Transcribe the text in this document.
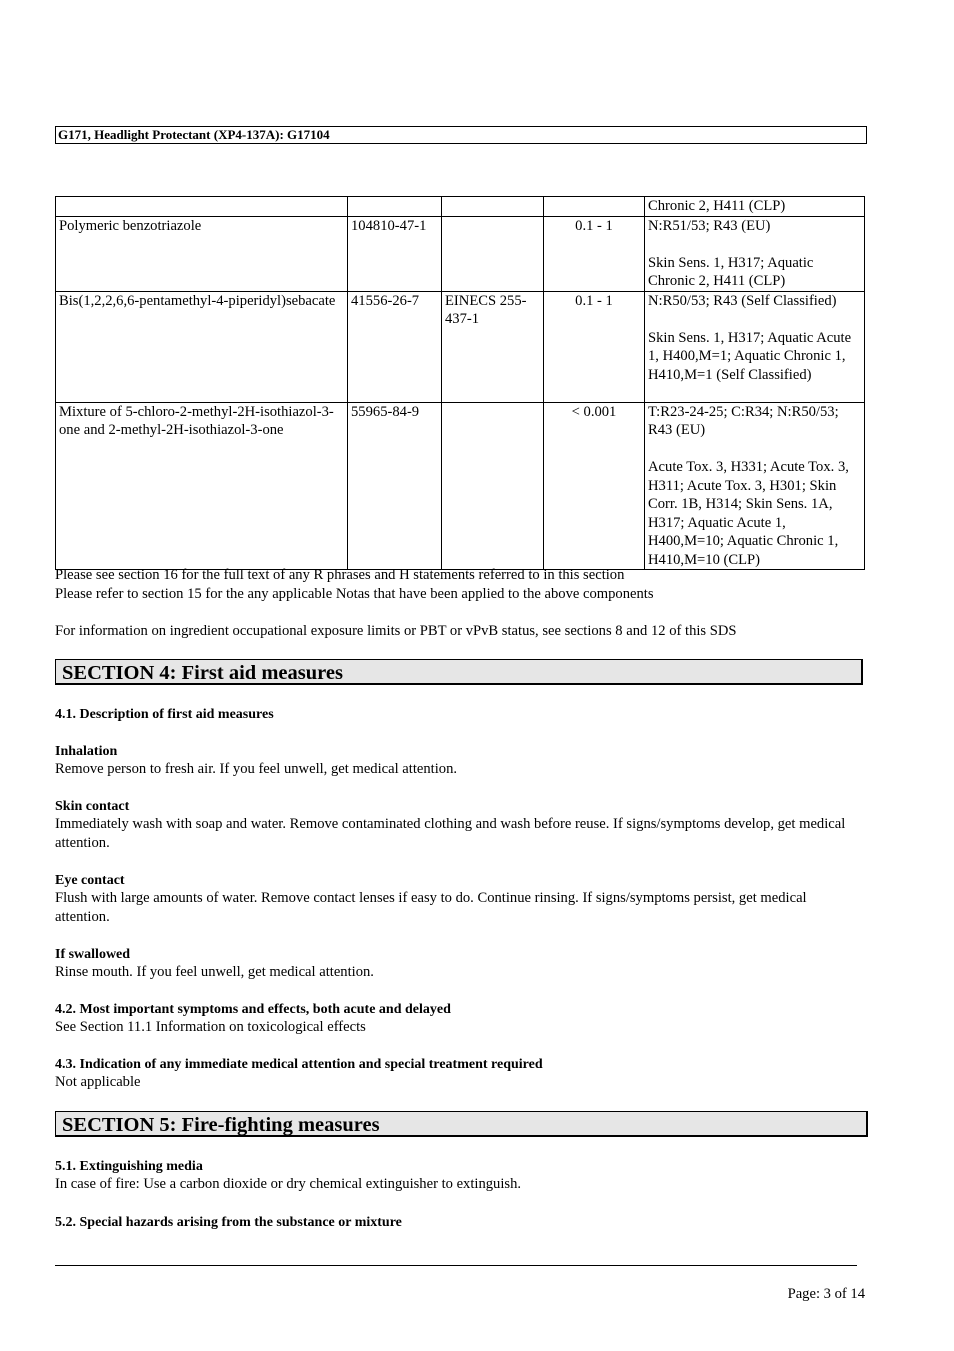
G171, Headlight Protectant (XP4-137A): G17104
				Chronic 2, H411 (CLP)
Polymeric benzotriazole	104810-47-1		0.1 - 1	N:R51/53; R43 (EU)
Skin Sens. 1, H317; Aquatic Chronic 2, H411 (CLP)
Bis(1,2,2,6,6-pentamethyl-4-piperidyl)sebacate	41556-26-7	EINECS 255-437-1	0.1 - 1	N:R50/53; R43 (Self Classified)
Skin Sens. 1, H317; Aquatic Acute 1, H400,M=1; Aquatic Chronic 1, H410,M=1 (Self Classified)
Mixture of 5-chloro-2-methyl-2H-isothiazol-3-one and 2-methyl-2H-isothiazol-3-one	55965-84-9		< 0.001	T:R23-24-25; C:R34; N:R50/53; R43 (EU)
Acute Tox. 3, H331; Acute Tox. 3, H311; Acute Tox. 3, H301; Skin Corr. 1B, H314; Skin Sens. 1A, H317; Aquatic Acute 1, H400,M=10; Aquatic Chronic 1, H410,M=10 (CLP)
Please see section 16 for the full text of any R phrases and H statements referred to in this section
Please refer to section 15 for the any applicable Notas that have been applied to the above components
For information on ingredient occupational exposure limits or PBT or vPvB status, see sections 8 and 12 of this SDS
SECTION 4: First aid measures
4.1. Description of first aid measures
Inhalation
Remove person to fresh air. If you feel unwell, get medical attention.
Skin contact
Immediately wash with soap and water. Remove contaminated clothing and wash before reuse. If signs/symptoms develop, get medical attention.
Eye contact
Flush with large amounts of water. Remove contact lenses if easy to do. Continue rinsing. If signs/symptoms persist, get medical attention.
If swallowed
Rinse mouth. If you feel unwell, get medical attention.
4.2. Most important symptoms and effects, both acute and delayed
See Section 11.1 Information on toxicological effects
4.3. Indication of any immediate medical attention and special treatment required
Not applicable
SECTION 5: Fire-fighting measures
5.1. Extinguishing media
In case of fire: Use a carbon dioxide or dry chemical extinguisher to extinguish.
5.2. Special hazards arising from the substance or mixture
Page: 3 of 14
